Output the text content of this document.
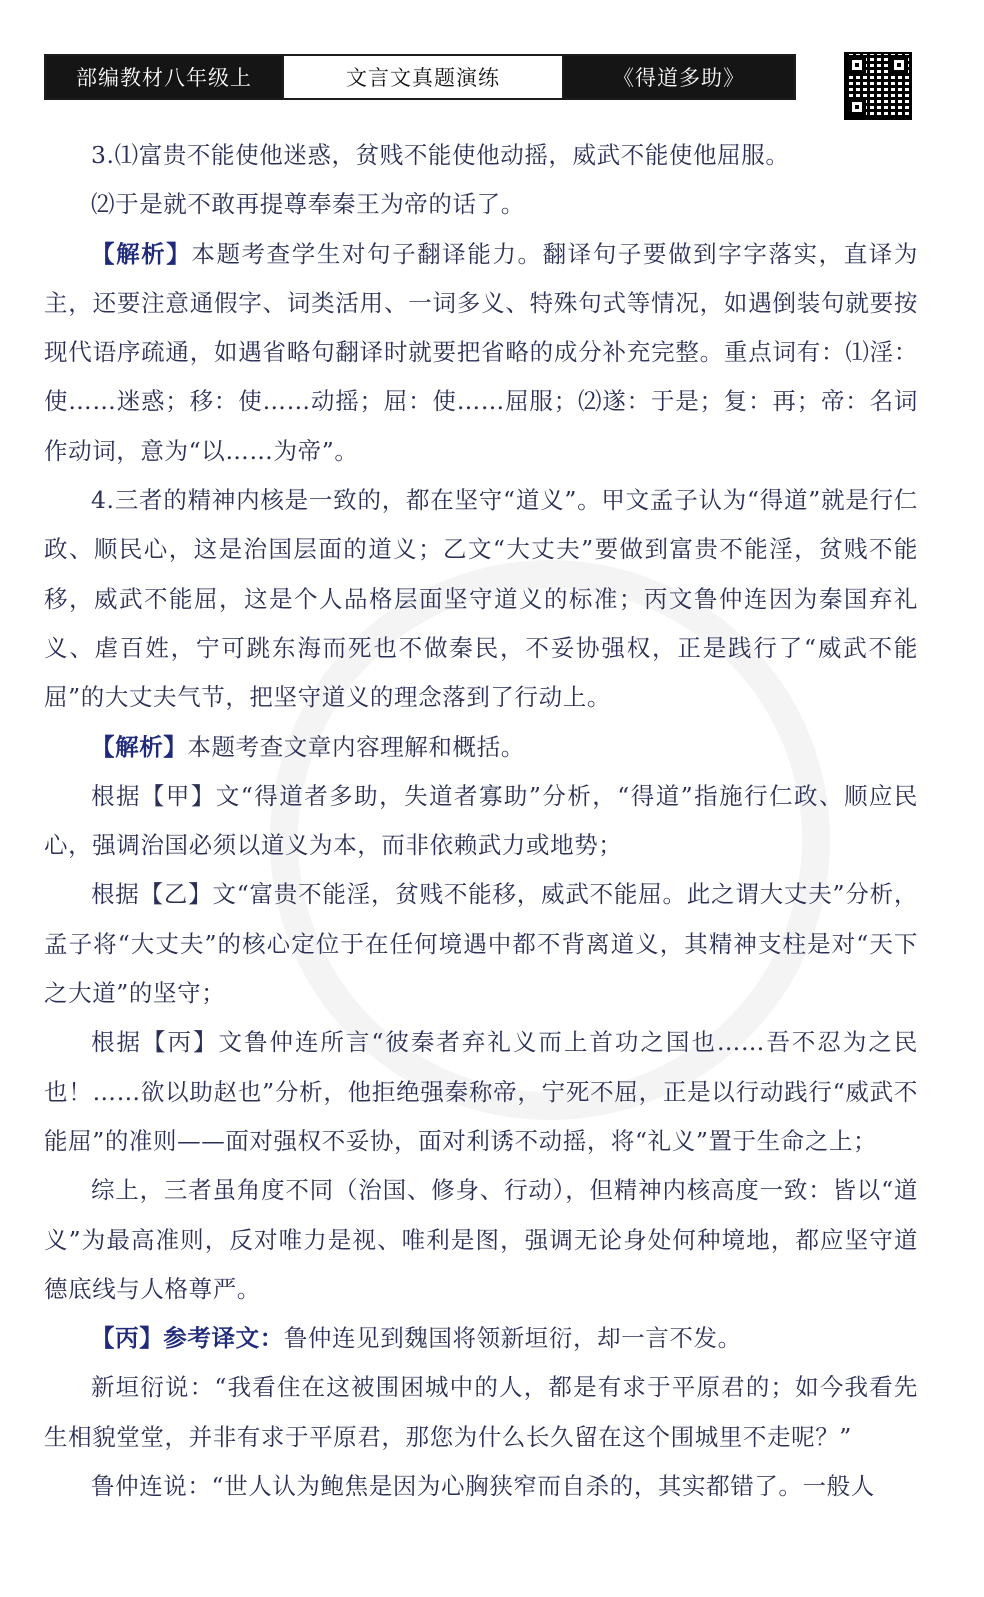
部编教材八年级上	文言文真题演练	《得道多助》

3.⑴富贵不能使他迷惑，贫贱不能使他动摇，威武不能使他屈服。

⑵于是就不敢再提尊奉秦王为帝的话了。

【解析】本题考查学生对句子翻译能力。翻译句子要做到字字落实，直译为主，还要注意通假字、词类活用、一词多义、特殊句式等情况，如遇倒装句就要按现代语序疏通，如遇省略句翻译时就要把省略的成分补充完整。重点词有：⑴淫：使……迷惑；移：使……动摇；屈：使……屈服；⑵遂：于是；复：再；帝：名词作动词，意为“以……为帝”。

4.三者的精神内核是一致的，都在坚守“道义”。甲文孟子认为“得道”就是行仁政、顺民心，这是治国层面的道义；乙文“大丈夫”要做到富贵不能淫，贫贱不能移，威武不能屈，这是个人品格层面坚守道义的标准；丙文鲁仲连因为秦国弃礼义、虐百姓，宁可跳东海而死也不做秦民，不妥协强权，正是践行了“威武不能屈”的大丈夫气节，把坚守道义的理念落到了行动上。

【解析】本题考查文章内容理解和概括。

根据【甲】文“得道者多助，失道者寡助”分析，“得道”指施行仁政、顺应民心，强调治国必须以道义为本，而非依赖武力或地势；

根据【乙】文“富贵不能淫，贫贱不能移，威武不能屈。此之谓大丈夫”分析，孟子将“大丈夫”的核心定位于在任何境遇中都不背离道义，其精神支柱是对“天下之大道”的坚守；

根据【丙】文鲁仲连所言“彼秦者弃礼义而上首功之国也……吾不忍为之民也！……欲以助赵也”分析，他拒绝强秦称帝，宁死不屈，正是以行动践行“威武不能屈”的准则——面对强权不妥协，面对利诱不动摇，将“礼义”置于生命之上；

综上，三者虽角度不同（治国、修身、行动），但精神内核高度一致：皆以“道义”为最高准则，反对唯力是视、唯利是图，强调无论身处何种境地，都应坚守道德底线与人格尊严。

【丙】参考译文：鲁仲连见到魏国将领新垣衍，却一言不发。

新垣衍说：“我看住在这被围困城中的人，都是有求于平原君的；如今我看先生相貌堂堂，并非有求于平原君，那您为什么长久留在这个围城里不走呢？”

鲁仲连说：“世人认为鲍焦是因为心胸狭窄而自杀的，其实都错了。一般人
